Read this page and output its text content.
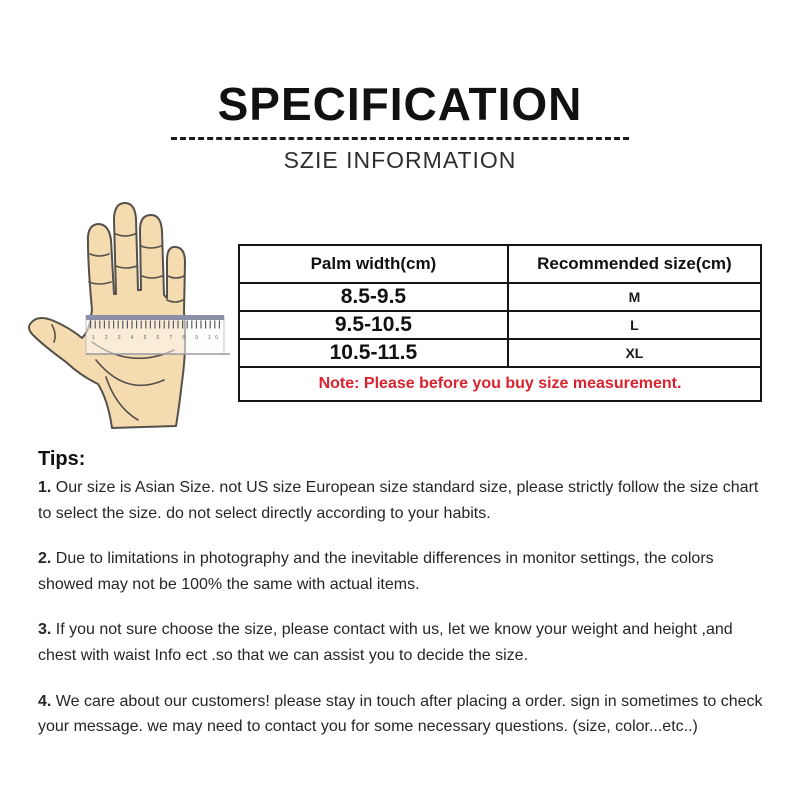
SPECIFICATION
SZIE INFORMATION
1 2 3 4 5 6 7 8 9 10
Palm width(cm)	Recommended size(cm)
8.5-9.5	M
9.5-10.5	L
10.5-11.5	XL
Note: Please before you buy size measurement.	
Tips:

1. Our size is Asian Size. not US size European size standard size, please strictly follow the size chart to select the size. do not select directly according to your habits.

2. Due to limitations in photography and the inevitable differences in monitor settings, the colors showed may not be 100% the same with actual items.

3. If you not sure choose the size, please contact with us, let we know your weight and height ,and chest with waist Info ect .so that we can assist you to decide the size.

4. We care about our customers! please stay in touch after placing a order. sign in sometimes to check your message. we may need to contact you for some necessary questions. (size, color...etc..)
